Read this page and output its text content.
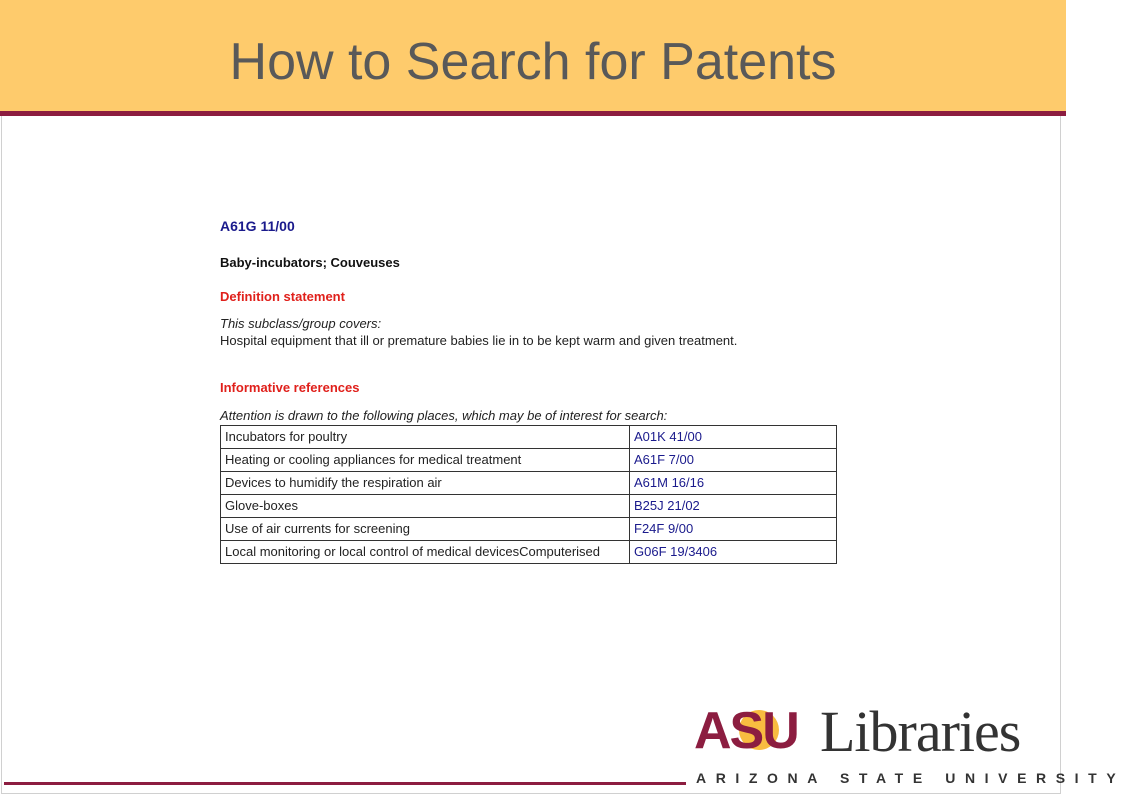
How to Search for Patents
A61G 11/00
Baby-incubators; Couveuses
Definition statement
This subclass/group covers:
Hospital equipment that ill or premature babies lie in to be kept warm and given treatment.
Informative references
Attention is drawn to the following places, which may be of interest for search:
Incubators for poultry	A01K 41/00
Heating or cooling appliances for medical treatment	A61F 7/00
Devices to humidify the respiration air	A61M 16/16
Glove-boxes	B25J 21/02
Use of air currents for screening	F24F 9/00
Local monitoring or local control of medical devicesComputerised	G06F 19/3406
ASU Libraries
ARIZONA STATE UNIVERSITY
